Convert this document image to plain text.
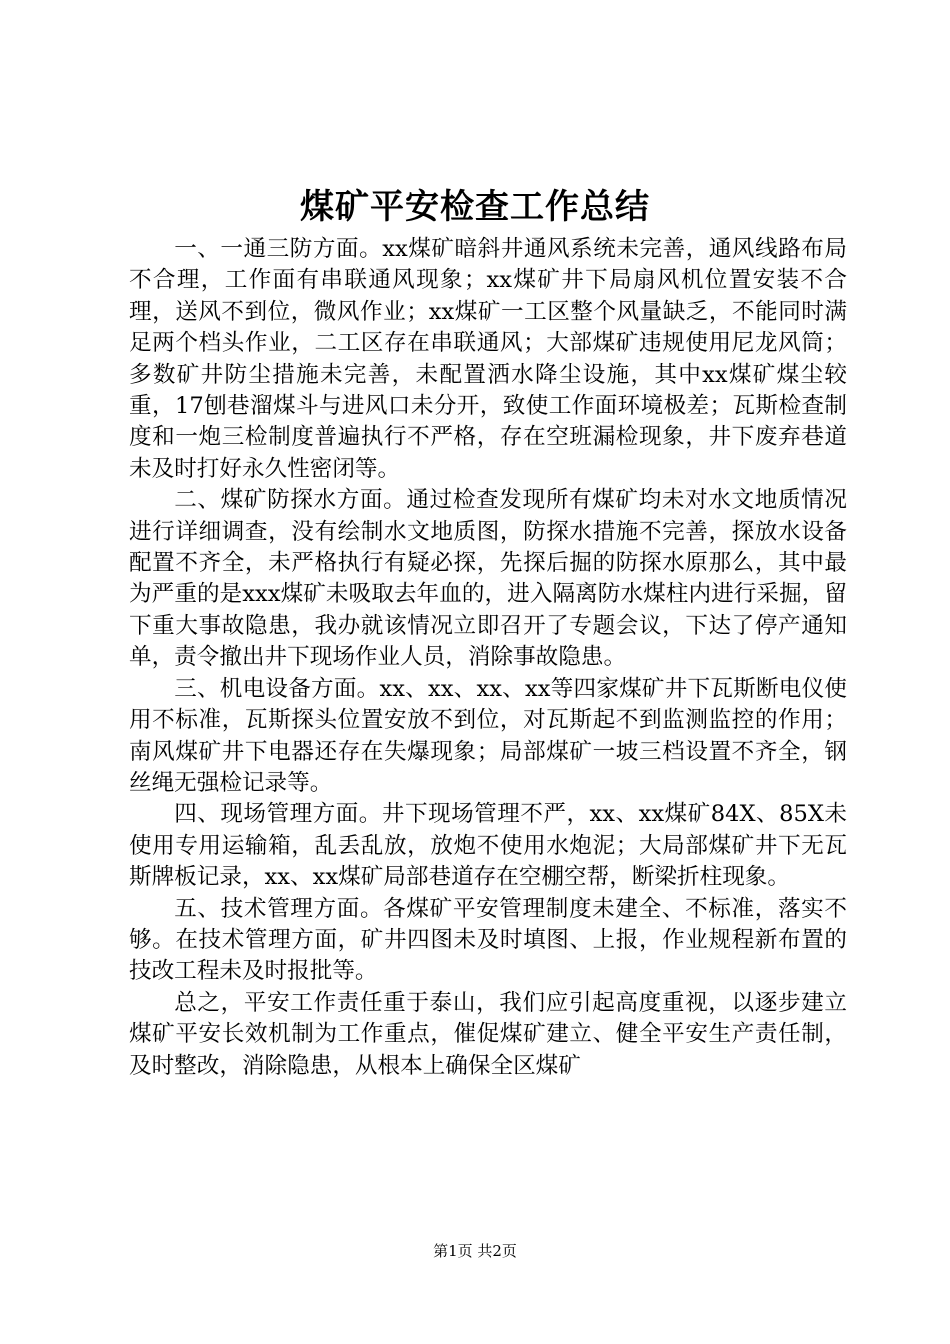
煤矿平安检查工作总结

一、一通三防方面。xx煤矿暗斜井通风系统未完善，通风线路布局不合理，工作面有串联通风现象；xx煤矿井下局扇风机位置安装不合理，送风不到位，微风作业；xx煤矿一工区整个风量缺乏，不能同时满足两个档头作业，二工区存在串联通风；大部煤矿违规使用尼龙风筒；多数矿井防尘措施未完善，未配置洒水降尘设施，其中xx煤矿煤尘较重，17刨巷溜煤斗与进风口未分开，致使工作面环境极差；瓦斯检查制度和一炮三检制度普遍执行不严格，存在空班漏检现象，井下废弃巷道未及时打好永久性密闭等。

二、煤矿防探水方面。通过检查发现所有煤矿均未对水文地质情况进行详细调查，没有绘制水文地质图，防探水措施不完善，探放水设备配置不齐全，未严格执行有疑必探，先探后掘的防探水原那么，其中最为严重的是xxx煤矿未吸取去年血的，进入隔离防水煤柱内进行采掘，留下重大事故隐患，我办就该情况立即召开了专题会议，下达了停产通知单，责令撤出井下现场作业人员，消除事故隐患。

三、机电设备方面。xx、xx、xx、xx等四家煤矿井下瓦斯断电仪使用不标准，瓦斯探头位置安放不到位，对瓦斯起不到监测监控的作用；南风煤矿井下电器还存在失爆现象；局部煤矿一坡三档设置不齐全，钢丝绳无强检记录等。

四、现场管理方面。井下现场管理不严，xx、xx煤矿84X、85X未使用专用运输箱，乱丢乱放，放炮不使用水炮泥；大局部煤矿井下无瓦斯牌板记录，xx、xx煤矿局部巷道存在空棚空帮，断梁折柱现象。

五、技术管理方面。各煤矿平安管理制度未建全、不标准，落实不够。在技术管理方面，矿井四图未及时填图、上报，作业规程新布置的技改工程未及时报批等。

总之，平安工作责任重于泰山，我们应引起高度重视，以逐步建立煤矿平安长效机制为工作重点，催促煤矿建立、健全平安生产责任制，及时整改，消除隐患，从根本上确保全区煤矿

第1页 共2页
